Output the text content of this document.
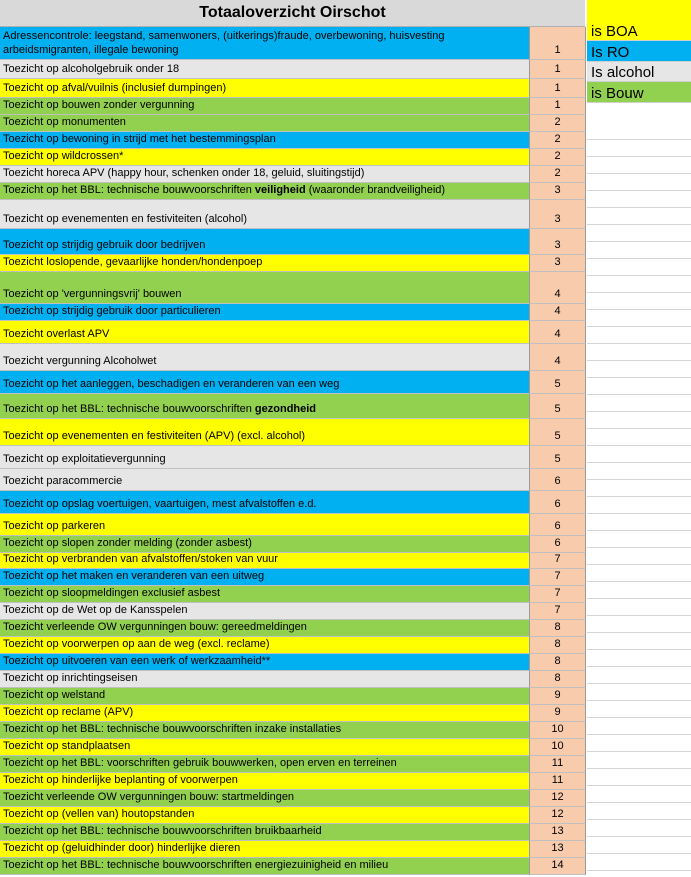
Totaaloverzicht Oirschot
Adressencontrole: leegstand, samenwoners, (uitkerings)fraude, overbewoning, huisvesting arbeidsmigranten, illegale bewoning	1
Toezicht op alcoholgebruik onder 18	1
Toezicht op afval/vuilnis (inclusief dumpingen)	1
Toezicht op bouwen zonder vergunning	1
Toezicht op monumenten	2
Toezicht op bewoning in strijd met het bestemmingsplan	2
Toezicht op wildcrossen*	2
Toezicht horeca APV (happy hour, schenken onder 18, geluid, sluitingstijd)	2
Toezicht op het BBL: technische bouwvoorschriften veiligheid (waaronder brandveiligheid)	3
Toezicht op evenementen en festiviteiten (alcohol)	3
Toezicht op strijdig gebruik door bedrijven	3
Toezicht loslopende, gevaarlijke honden/hondenpoep	3
Toezicht op 'vergunningsvrij' bouwen	4
Toezicht op strijdig gebruik door particulieren	4
Toezicht overlast APV	4
Toezicht vergunning Alcoholwet	4
Toezicht op het aanleggen, beschadigen en veranderen van een weg	5
Toezicht op het BBL: technische bouwvoorschriften gezondheid	5
Toezicht op evenementen en festiviteiten (APV) (excl. alcohol)	5
Toezicht op exploitatievergunning	5
Toezicht paracommercie	6
Toezicht op opslag voertuigen, vaartuigen, mest afvalstoffen e.d.	6
Toezicht op parkeren	6
Toezicht op slopen zonder melding (zonder asbest)	6
Toezicht op verbranden van afvalstoffen/stoken van vuur	7
Toezicht op het maken en veranderen van een uitweg	7
Toezicht op sloopmeldingen exclusief asbest	7
Toezicht op de Wet op de Kansspelen	7
Toezicht verleende OW vergunningen bouw: gereedmeldingen	8
Toezicht op voorwerpen op aan de weg (excl. reclame)	8
Toezicht op uitvoeren van een werk of werkzaamheid**	8
Toezicht op inrichtingseisen	8
Toezicht op welstand	9
Toezicht op reclame (APV)	9
Toezicht op het BBL: technische bouwvoorschriften inzake installaties	10
Toezicht op standplaatsen	10
Toezicht op het BBL: voorschriften gebruik bouwwerken, open erven en terreinen	11
Toezicht op hinderlijke beplanting of voorwerpen	11
Toezicht verleende OW vergunningen bouw: startmeldingen	12
Toezicht op (vellen van) houtopstanden	12
Toezicht op het BBL: technische bouwvoorschriften bruikbaarheid	13
Toezicht op (geluidhinder door) hinderlijke dieren	13
Toezicht op het BBL: technische bouwvoorschriften energiezuinigheid en milieu	14
is BOA
Is RO
Is alcohol
is Bouw
